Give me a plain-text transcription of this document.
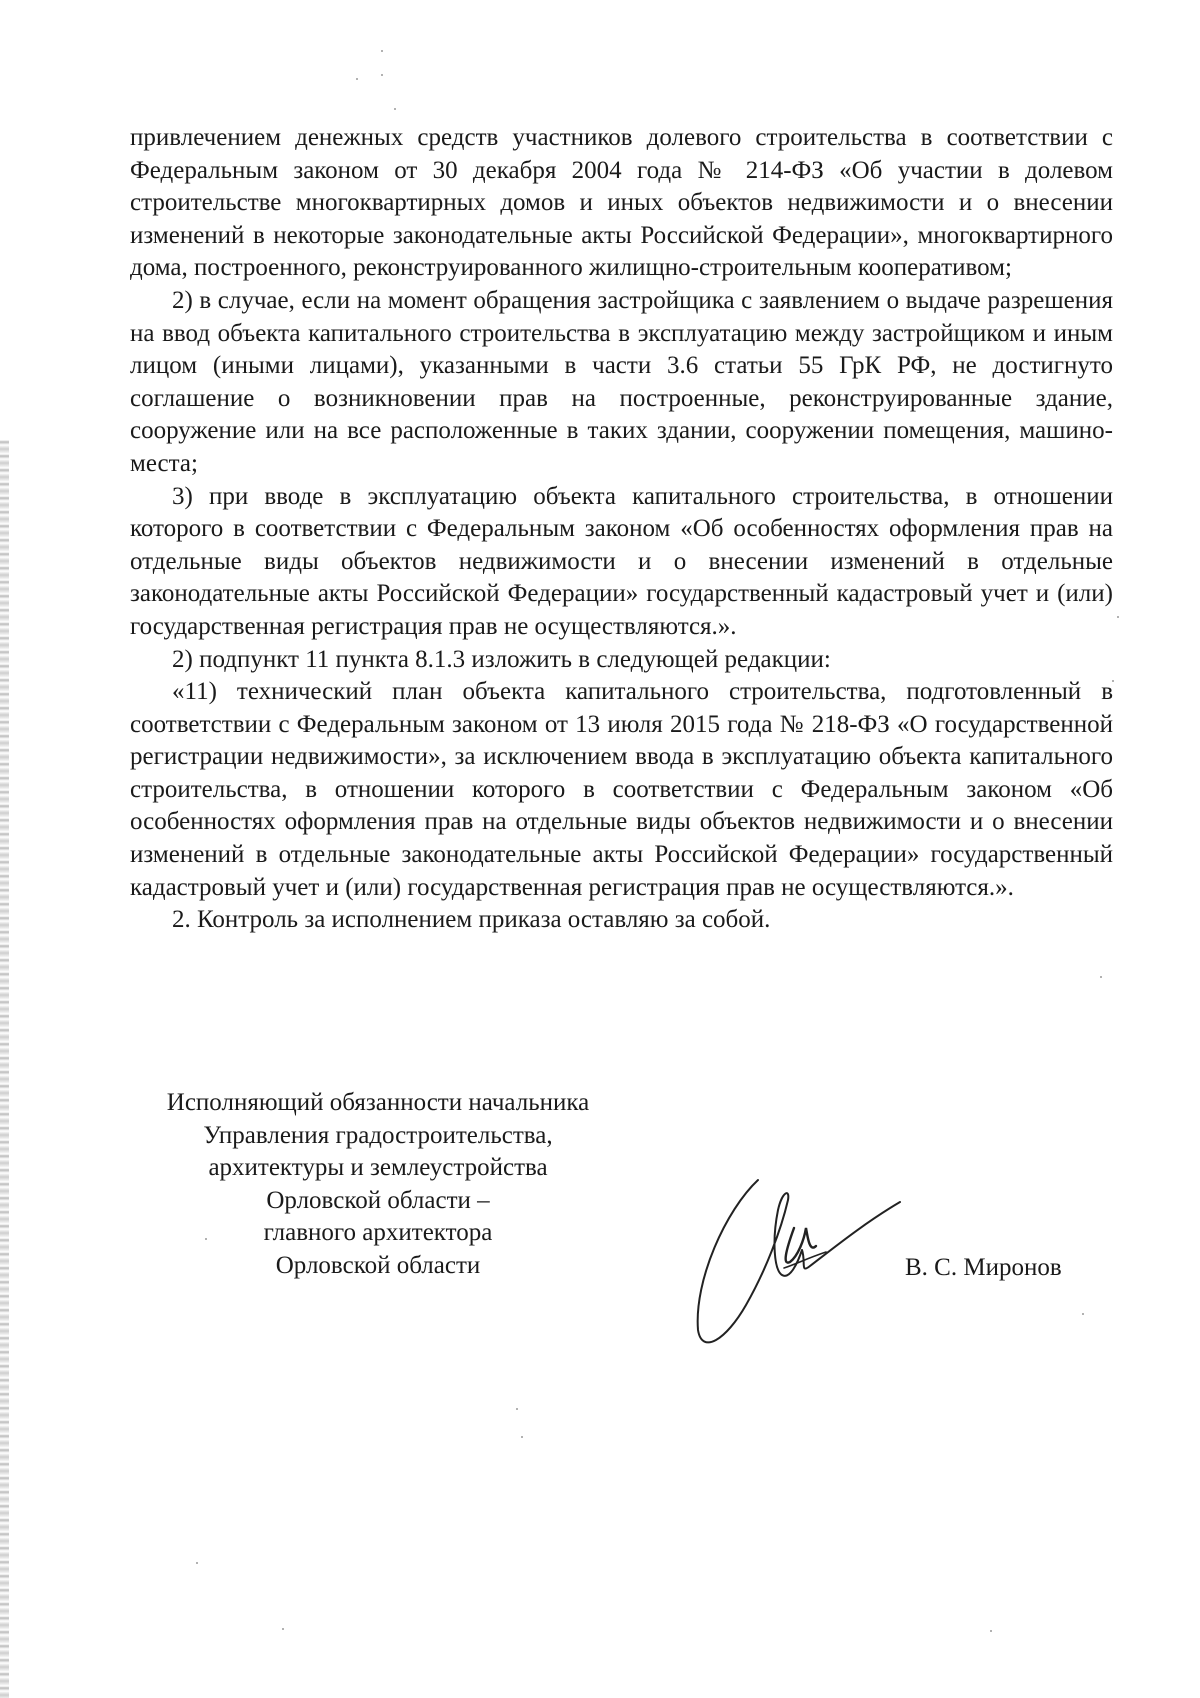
привлечением денежных средств участников долевого строительства в соответствии с Федеральным законом от 30 декабря 2004 года № 214-ФЗ «Об участии в долевом строительстве многоквартирных домов и иных объектов недвижимости и о внесении изменений в некоторые законодательные акты Российской Федерации», многоквартирного дома, построенного, реконструированного жилищно-строительным кооперативом;

2) в случае, если на момент обращения застройщика с заявлением о выдаче разрешения на ввод объекта капитального строительства в эксплуатацию между застройщиком и иным лицом (иными лицами), указанными в части 3.6 статьи 55 ГрК РФ, не достигнуто соглашение о возникновении прав на построенные, реконструированные здание, сооружение или на все расположенные в таких здании, сооружении помещения, машино-места;

3) при вводе в эксплуатацию объекта капитального строительства, в отношении которого в соответствии с Федеральным законом «Об особенностях оформления прав на отдельные виды объектов недвижимости и о внесении изменений в отдельные законодательные акты Российской Федерации» государственный кадастровый учет и (или) государственная регистрация прав не осуществляются.».

2) подпункт 11 пункта 8.1.3 изложить в следующей редакции:

«11) технический план объекта капитального строительства, подготовленный в соответствии с Федеральным законом от 13 июля 2015 года № 218-ФЗ «О государственной регистрации недвижимости», за исключением ввода в эксплуатацию объекта капитального строительства, в отношении которого в соответствии с Федеральным законом «Об особенностях оформления прав на отдельные виды объектов недвижимости и о внесении изменений в отдельные законодательные акты Российской Федерации» государственный кадастровый учет и (или) государственная регистрация прав не осуществляются.».

2. Контроль за исполнением приказа оставляю за собой.

Исполняющий обязанности начальника
Управления градостроительства,
архитектуры и землеустройства
Орловской области –
главного архитектора
Орловской области	В. С. Миронов
